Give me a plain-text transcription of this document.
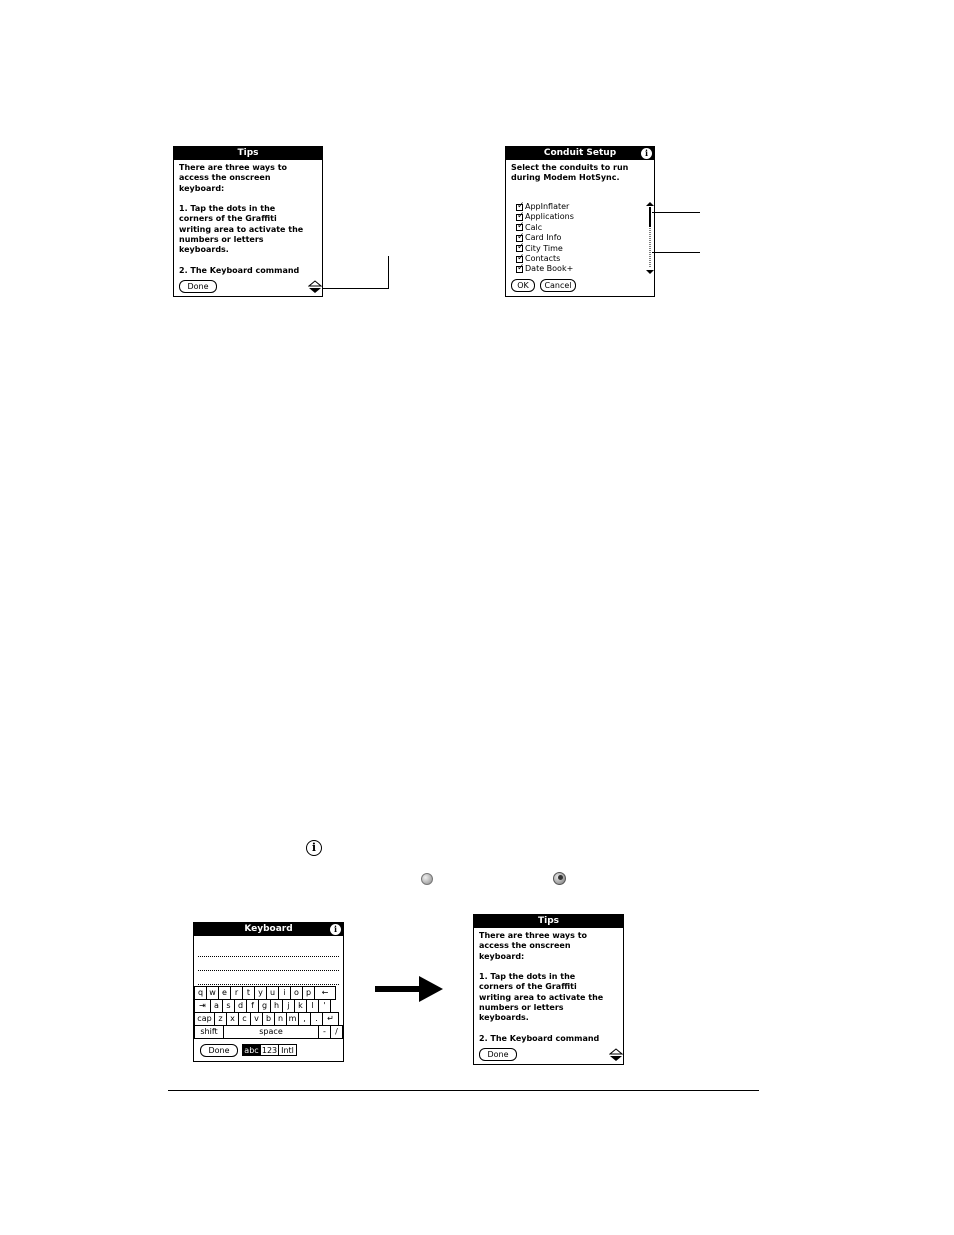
Tips
There are three ways to
access the onscreen
keyboard:

1. Tap the dots in the
corners of the Graffiti
writing area to activate the
numbers or letters
keyboards.

2. The Keyboard command
Done
Conduit Setup	i
Select the conduits to run
during Modem HotSync.
✓
AppInflater
✓
Applications
✓
Calc
✓
Card Info
✓
City Time
✓
Contacts
✓
Date Book+
OK	Cancel
i
Keyboard	i
q w e r	t	y u	i	o p	←
⇥	a s d	f	g h	j	k	l	'
cap z x c v b n m ,	.	↵
shift	space	-	/
Done	abc 123 Intl
Tips
There are three ways to
access the onscreen
keyboard:

1. Tap the dots in the
corners of the Graffiti
writing area to activate the
numbers or letters
keyboards.

2. The Keyboard command
Done
